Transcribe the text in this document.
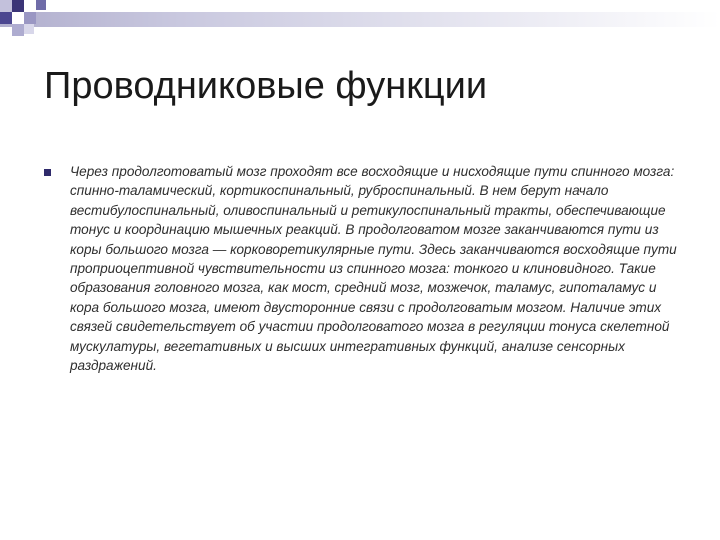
Проводниковые функции
Через продолготоватый мозг проходят все восходящие и нисходящие пути спинного мозга: спинно-таламический, кортикоспинальный, руброспинальный. В нем берут начало вестибулоспинальный, оливоспинальный и ретикулоспинальный тракты, обеспечивающие тонус и координацию мышечных реакций. В продолговатом мозге заканчиваются пути из коры большого мозга — корковоретикулярные пути. Здесь заканчиваются восходящие пути проприоцептивной чувствительности из спинного мозга: тонкого и клиновидного. Такие образования головного мозга, как мост, средний мозг, мозжечок, таламус, гипоталамус и кора большого мозга, имеют двусторонние связи с продолговатым мозгом. Наличие этих связей свидетельствует об участии продолговатого мозга в регуляции тонуса скелетной мускулатуры, вегетативных и высших интегративных функций, анализе сенсорных раздражений.
